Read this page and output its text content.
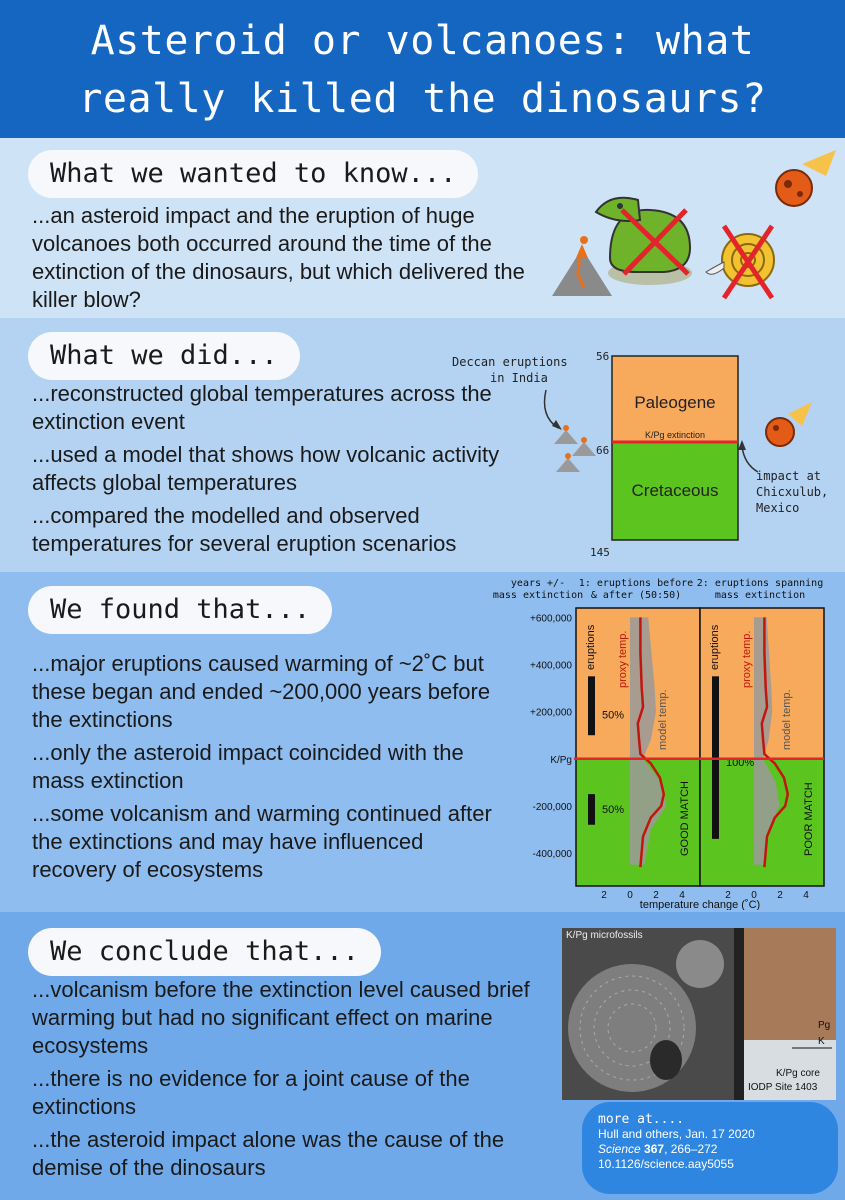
Asteroid or volcanoes: what
really killed the dinosaurs?
What we wanted to know...
...an asteroid impact and the eruption of huge volcanoes both occurred around the time of the extinction of the dinosaurs, but which delivered the killer blow?
What we did...

...reconstructed global temperatures across the extinction event

...used a model that shows how volcanic activity affects global temperatures

...compared the modelled and observed temperatures for several eruption scenarios

Deccan eruptions
in India
56
66
145
Paleogene
K/Pg extinction
Cretaceous
impact at
Chicxulub,
Mexico
We found that...

...major eruptions caused warming of ~2˚C but these began and ended ~200,000 years before the extinctions

...only the asteroid impact coincided with the mass extinction

...some volcanism and warming continued after the extinctions and may have influenced recovery of ecosystems

years +/-
mass extinction
1: eruptions before
& after (50:50)
2: eruptions spanning
mass extinction
temperature change (˚C)
eruptions proxy temp.
model temp.
50%
50%	GOOD MATCH
2 0 2 4
eruptions proxy temp.
model temp.
100%
POOR MATCH
2 0 2 4
+600,000
+400,000
+200,000
K/Pg
-200,000
-400,000
We conclude that...

...volcanism before the extinction level caused brief warming but had no significant effect on marine ecosystems

...there is no evidence for a joint cause of the extinctions

...the asteroid impact alone was the cause of the demise of the dinosaurs

K/Pg microfossils
Pg
K
K/Pg core
IODP Site 1403
more at....
Hull and others, Jan. 17 2020
Science 367, 266–272
10.1126/science.aay5055
